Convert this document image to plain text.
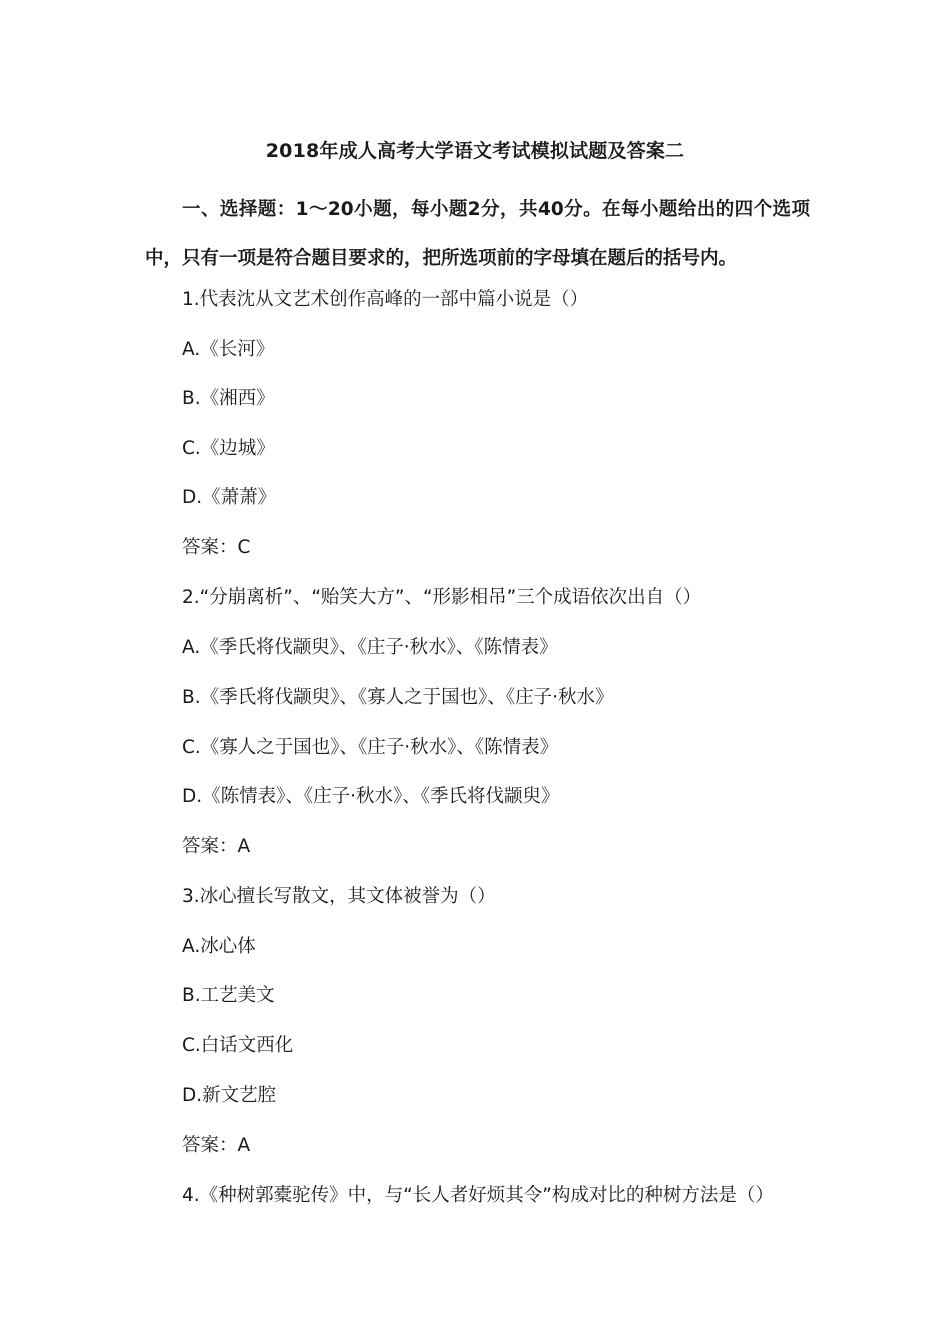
2018年成人高考大学语文考试模拟试题及答案二
一、选择题：1～20小题，每小题2分，共40分。在每小题给出的四个选项中，只有一项是符合题目要求的，把所选项前的字母填在题后的括号内。
1.代表沈从文艺术创作高峰的一部中篇小说是（）
A.《长河》
B.《湘西》
C.《边城》
D.《萧萧》
答案：C
2.“分崩离析”、“贻笑大方”、“形影相吊”三个成语依次出自（）
A.《季氏将伐颛臾》、《庄子·秋水》、《陈情表》
B.《季氏将伐颛臾》、《寡人之于国也》、《庄子·秋水》
C.《寡人之于国也》、《庄子·秋水》、《陈情表》
D.《陈情表》、《庄子·秋水》、《季氏将伐颛臾》
答案：A
3.冰心擅长写散文，其文体被誉为（）
A.冰心体
B.工艺美文
C.白话文西化
D.新文艺腔
答案：A
4.《种树郭橐驼传》中，与“长人者好烦其令”构成对比的种树方法是（）
